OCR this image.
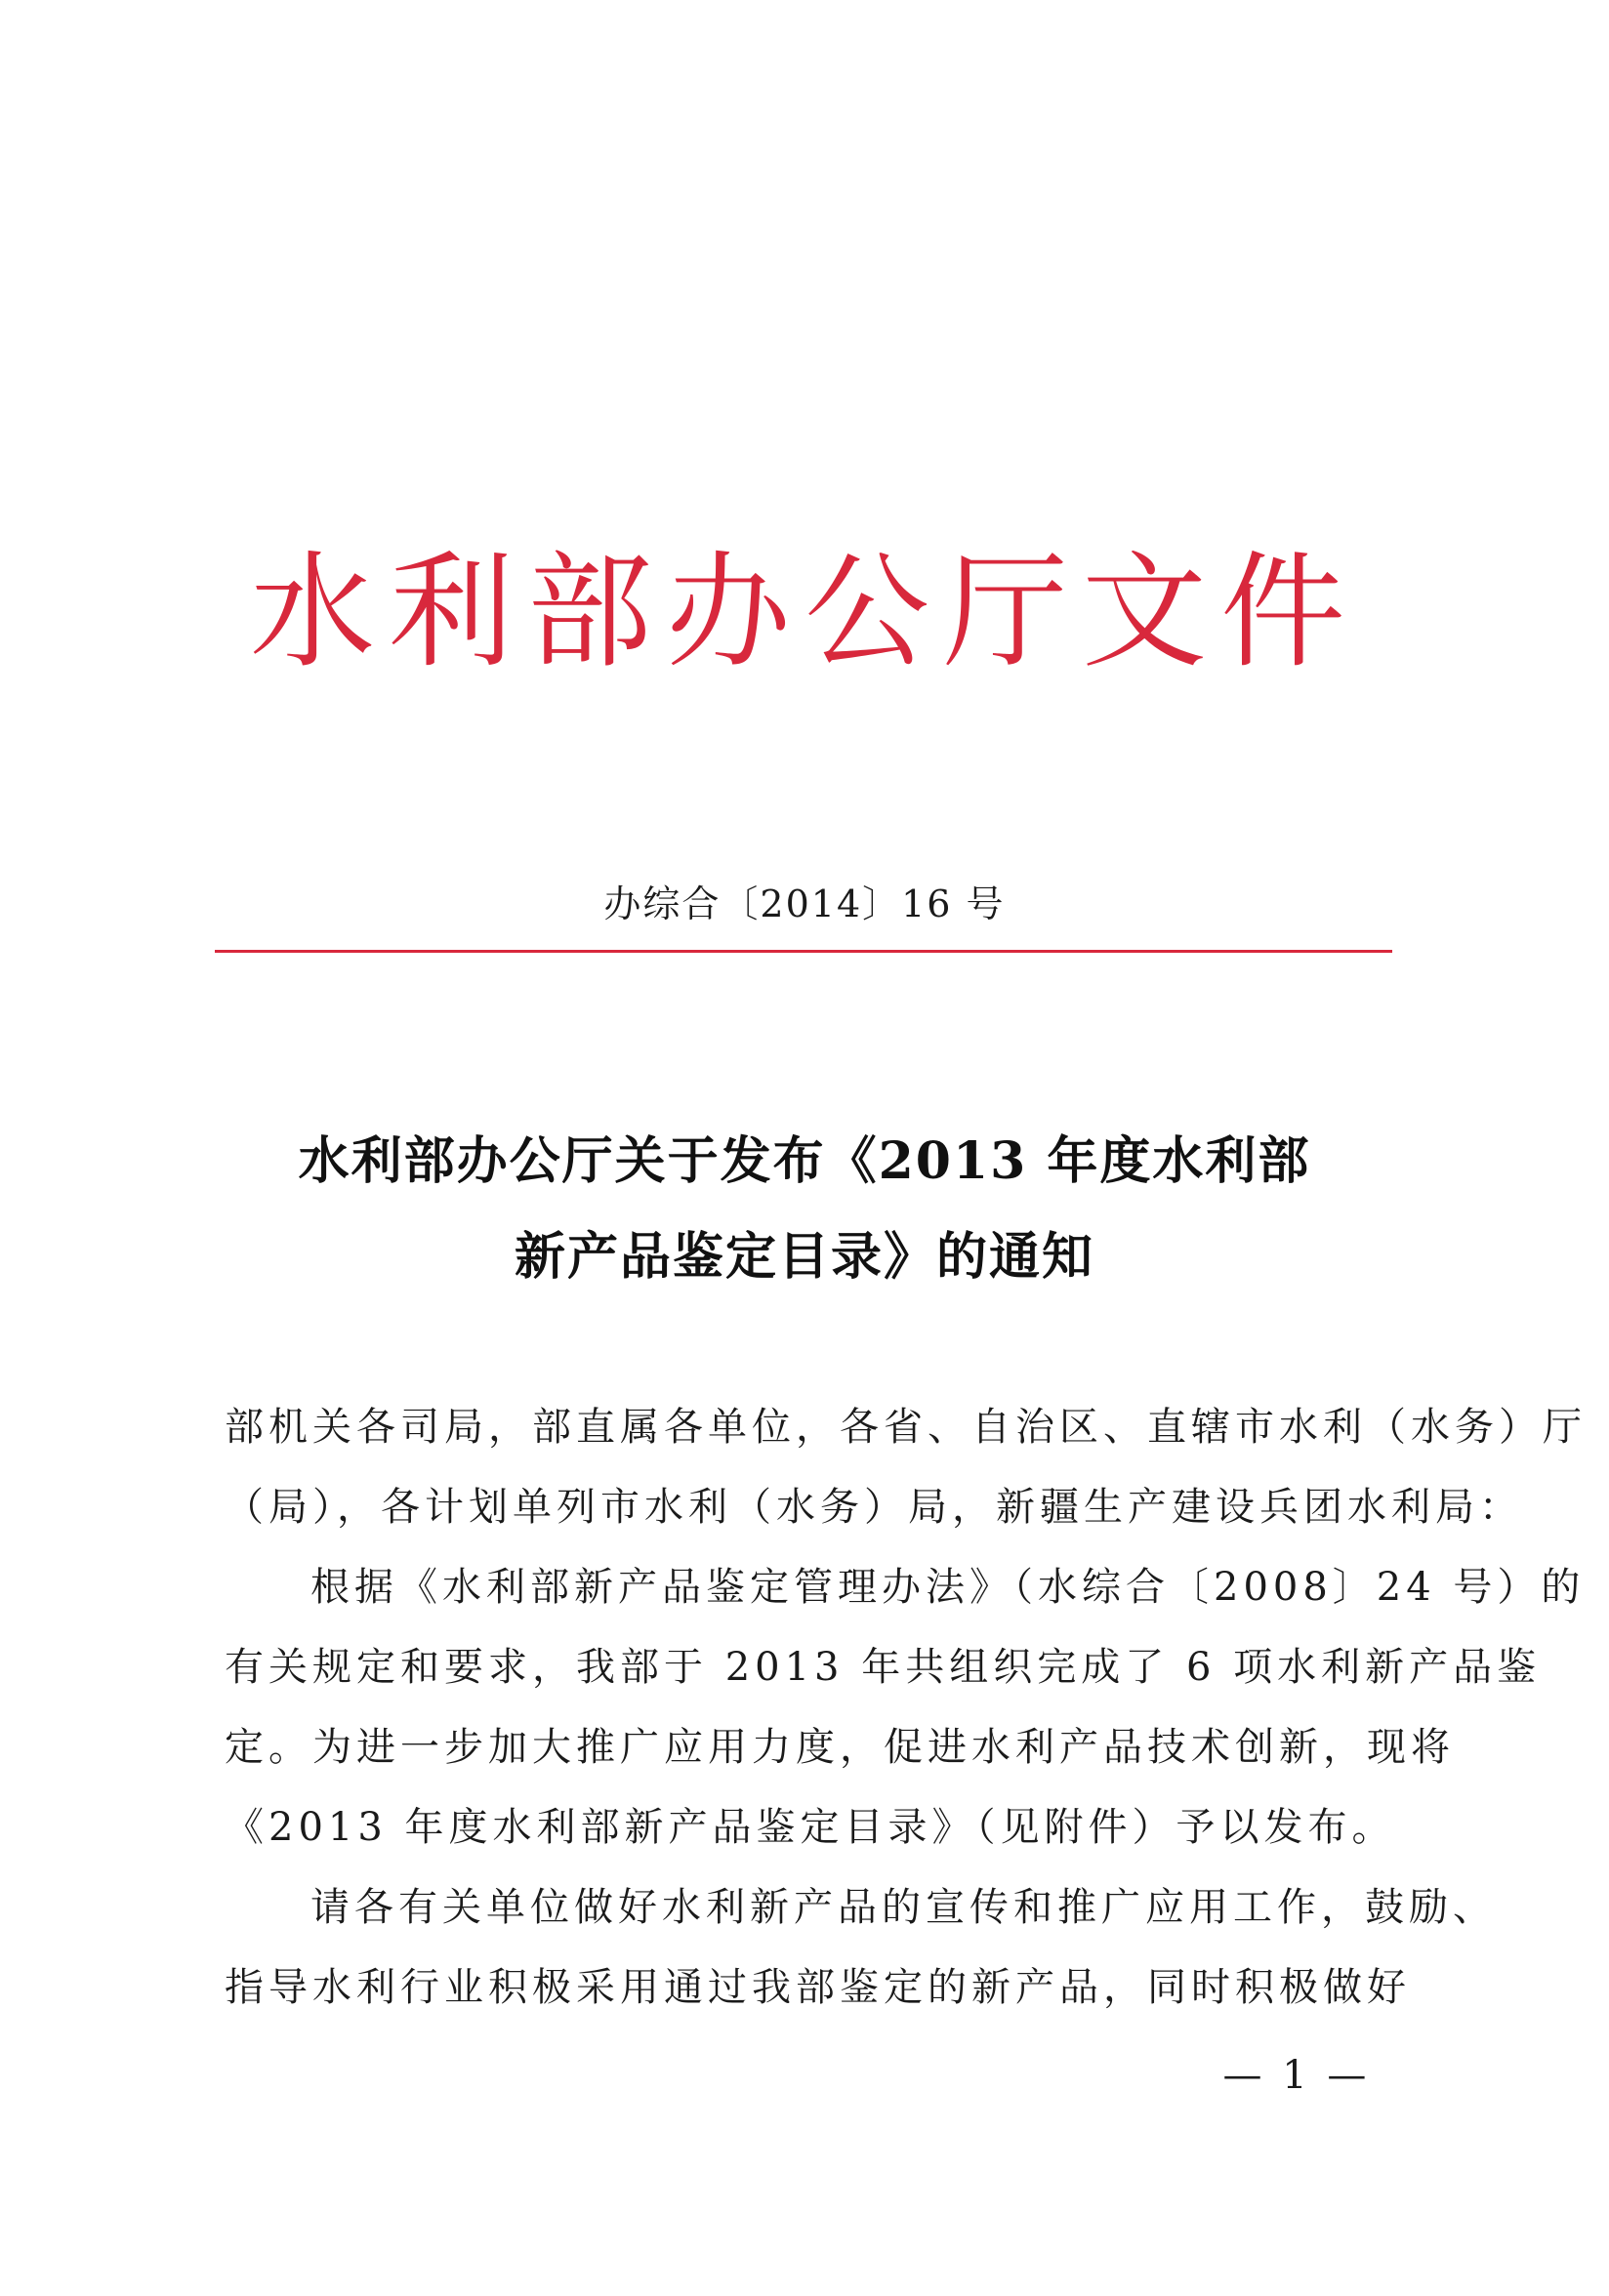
水利部办公厅文件
办综合〔2014〕16 号
水利部办公厅关于发布《2013 年度水利部
新产品鉴定目录》的通知
部机关各司局，部直属各单位，各省、自治区、直辖市水利（水务）厅
（局），各计划单列市水利（水务）局，新疆生产建设兵团水利局：
根据《水利部新产品鉴定管理办法》（水综合〔2008〕24 号）的
有关规定和要求，我部于 2013 年共组织完成了 6 项水利新产品鉴
定。为进一步加大推广应用力度，促进水利产品技术创新，现将
《2013 年度水利部新产品鉴定目录》（见附件）予以发布。
请各有关单位做好水利新产品的宣传和推广应用工作，鼓励、
指导水利行业积极采用通过我部鉴定的新产品，同时积极做好
— 1 —
